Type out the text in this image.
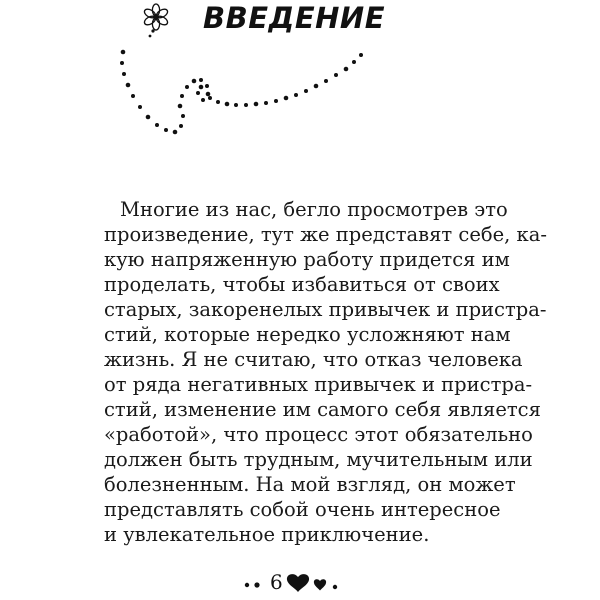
ВВЕДЕНИЕ
Многие из нас, бегло просмотрев это
произведение, тут же представят себе, ка-
кую напряженную работу придется им
проделать, чтобы избавиться от своих
старых, закоренелых привычек и пристра-
стий, которые нередко усложняют нам
жизнь. Я не считаю, что отказ человека
от ряда негативных привычек и пристра-
стий, изменение им самого себя является
«работой», что процесс этот обязательно
должен быть трудным, мучительным или
болезненным. На мой взгляд, он может
представлять собой очень интересное
и увлекательное приключение.
6
